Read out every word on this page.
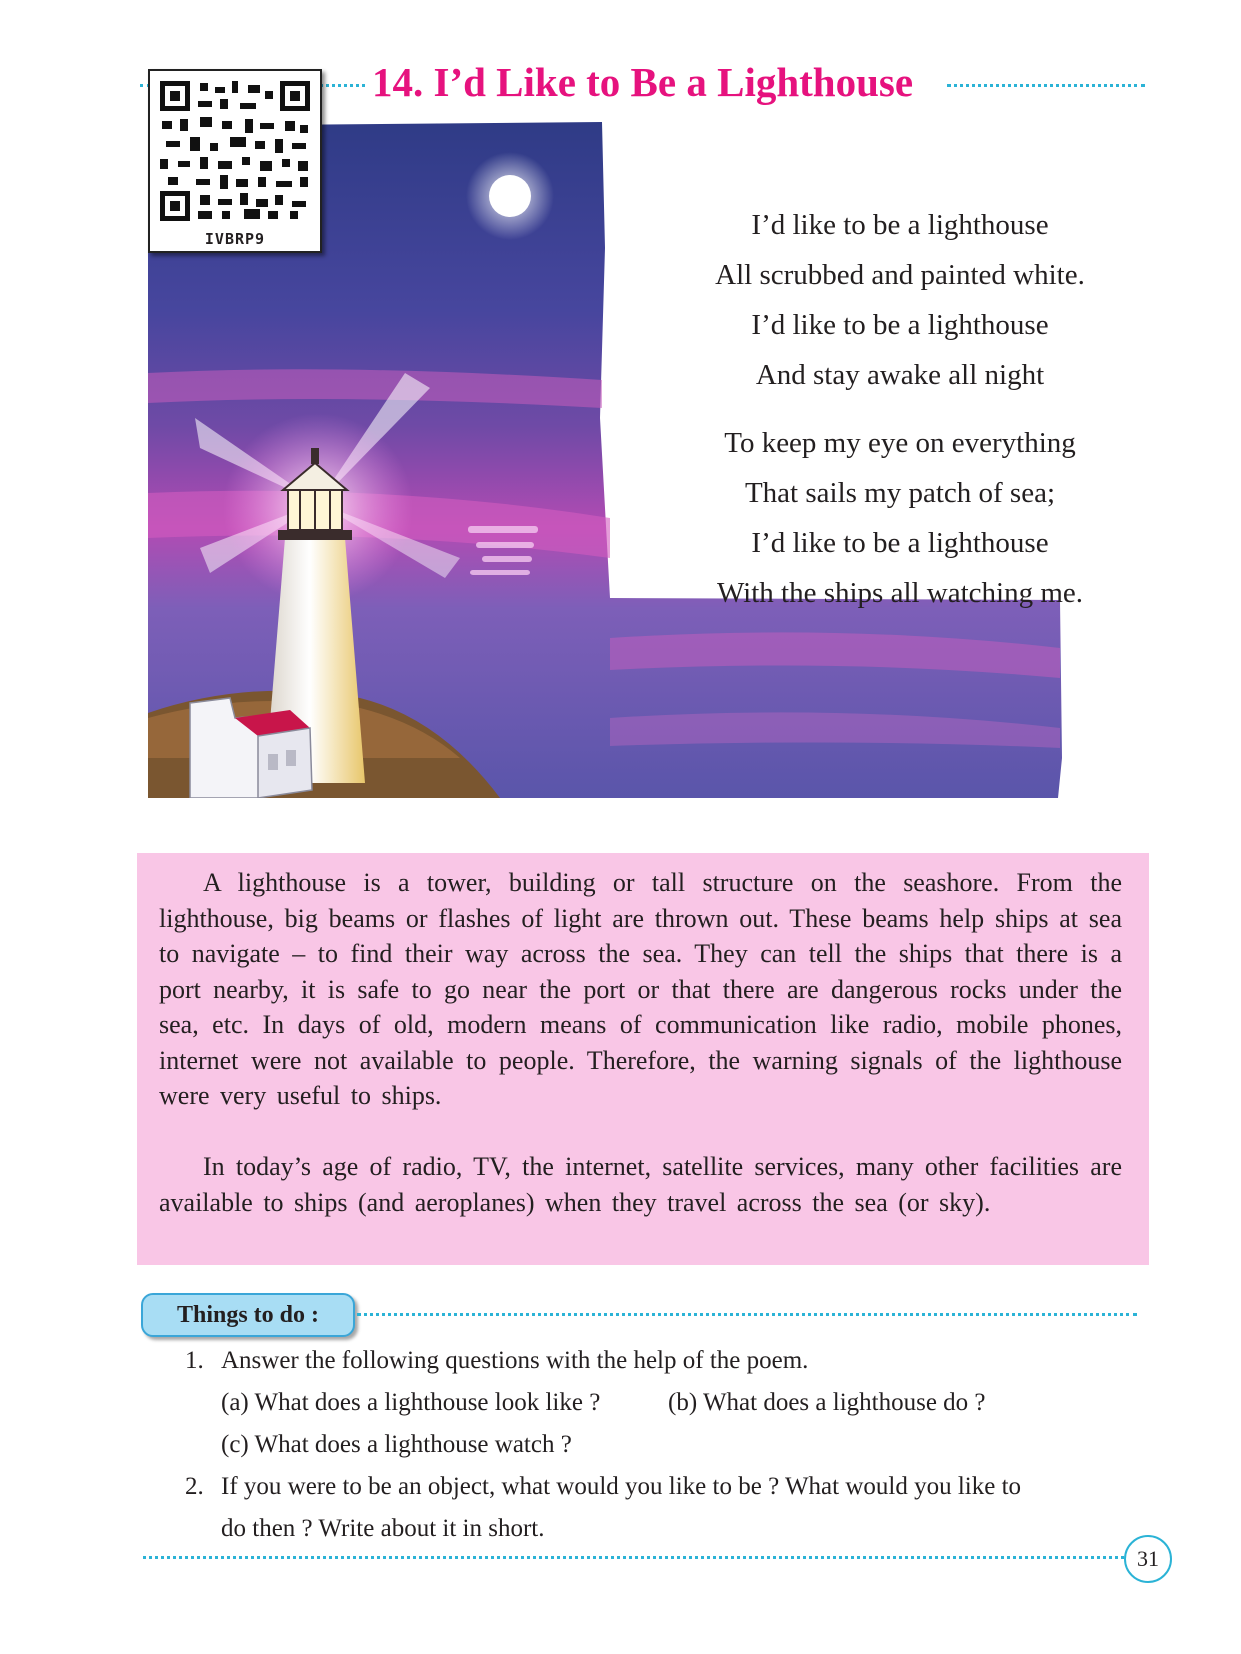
14. I’d Like to Be a Lighthouse
IVBRP9	I’d like to be a lighthouse
All scrubbed and painted white.
I’d like to be a lighthouse
And stay awake all night
To keep my eye on everything
That sails my patch of sea;
I’d like to be a lighthouse
With the ships all watching me.
A lighthouse is a tower, building or tall structure on the seashore. From the lighthouse, big beams or flashes of light are thrown out. These beams help ships at sea to navigate – to find their way across the sea. They can tell the ships that there is a port nearby, it is safe to go near the port or that there are dangerous rocks under the sea, etc. In days of old, modern means of communication like radio, mobile phones, internet were not available to people. Therefore, the warning signals of the lighthouse were very useful to ships.
In today’s age of radio, TV, the internet, satellite services, many other facilities are available to ships (and aeroplanes) when they travel across the sea (or sky).
Things to do :
1. Answer the following questions with the help of the poem.
(a) What does a lighthouse look like ?	(b) What does a lighthouse do ?
(c) What does a lighthouse watch ?
2. If you were to be an object, what would you like to be ? What would you like to
do then ? Write about it in short.
31
